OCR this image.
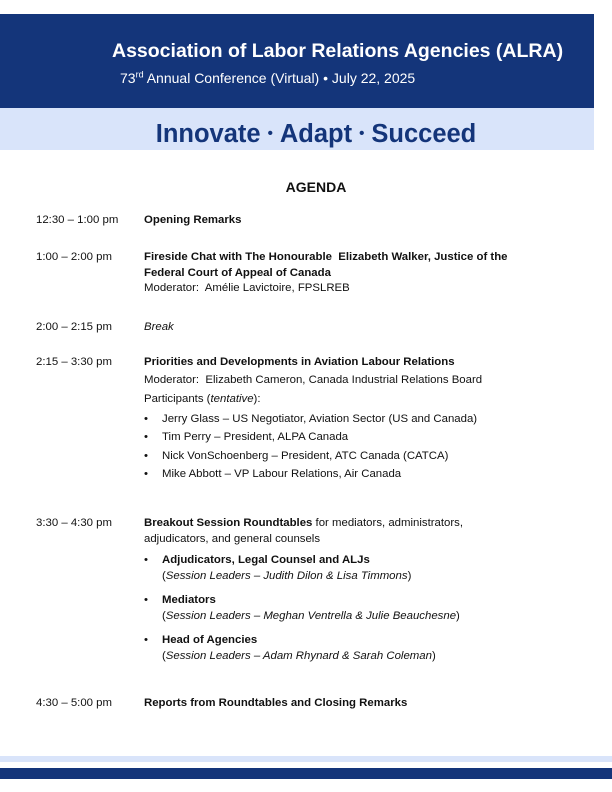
Association of Labor Relations Agencies (ALRA)
73rd Annual Conference (Virtual) • July 22, 2025
Innovate • Adapt • Succeed
AGENDA
12:30 – 1:00 pm Opening Remarks
1:00 – 2:00 pm	Fireside Chat with The Honourable  Elizabeth Walker, Justice of the
Federal Court of Appeal of Canada
Moderator:  Amélie Lavictoire, FPSLREB
2:00 – 2:15 pm	Break
2:15 – 3:30 pm	Priorities and Developments in Aviation Labour Relations
Moderator:  Elizabeth Cameron, Canada Industrial Relations Board
Participants (tentative):
• Jerry Glass – US Negotiator, Aviation Sector (US and Canada)
• Tim Perry – President, ALPA Canada
• Nick VonSchoenberg – President, ATC Canada (CATCA)
• Mike Abbott – VP Labour Relations, Air Canada
3:30 – 4:30 pm	Breakout Session Roundtables for mediators, administrators,
adjudicators, and general counsels
• Adjudicators, Legal Counsel and ALJs
(Session Leaders – Judith Dilon & Lisa Timmons)
• Mediators
(Session Leaders – Meghan Ventrella & Julie Beauchesne)
• Head of Agencies
(Session Leaders – Adam Rhynard & Sarah Coleman)
4:30 – 5:00 pm	Reports from Roundtables and Closing Remarks
